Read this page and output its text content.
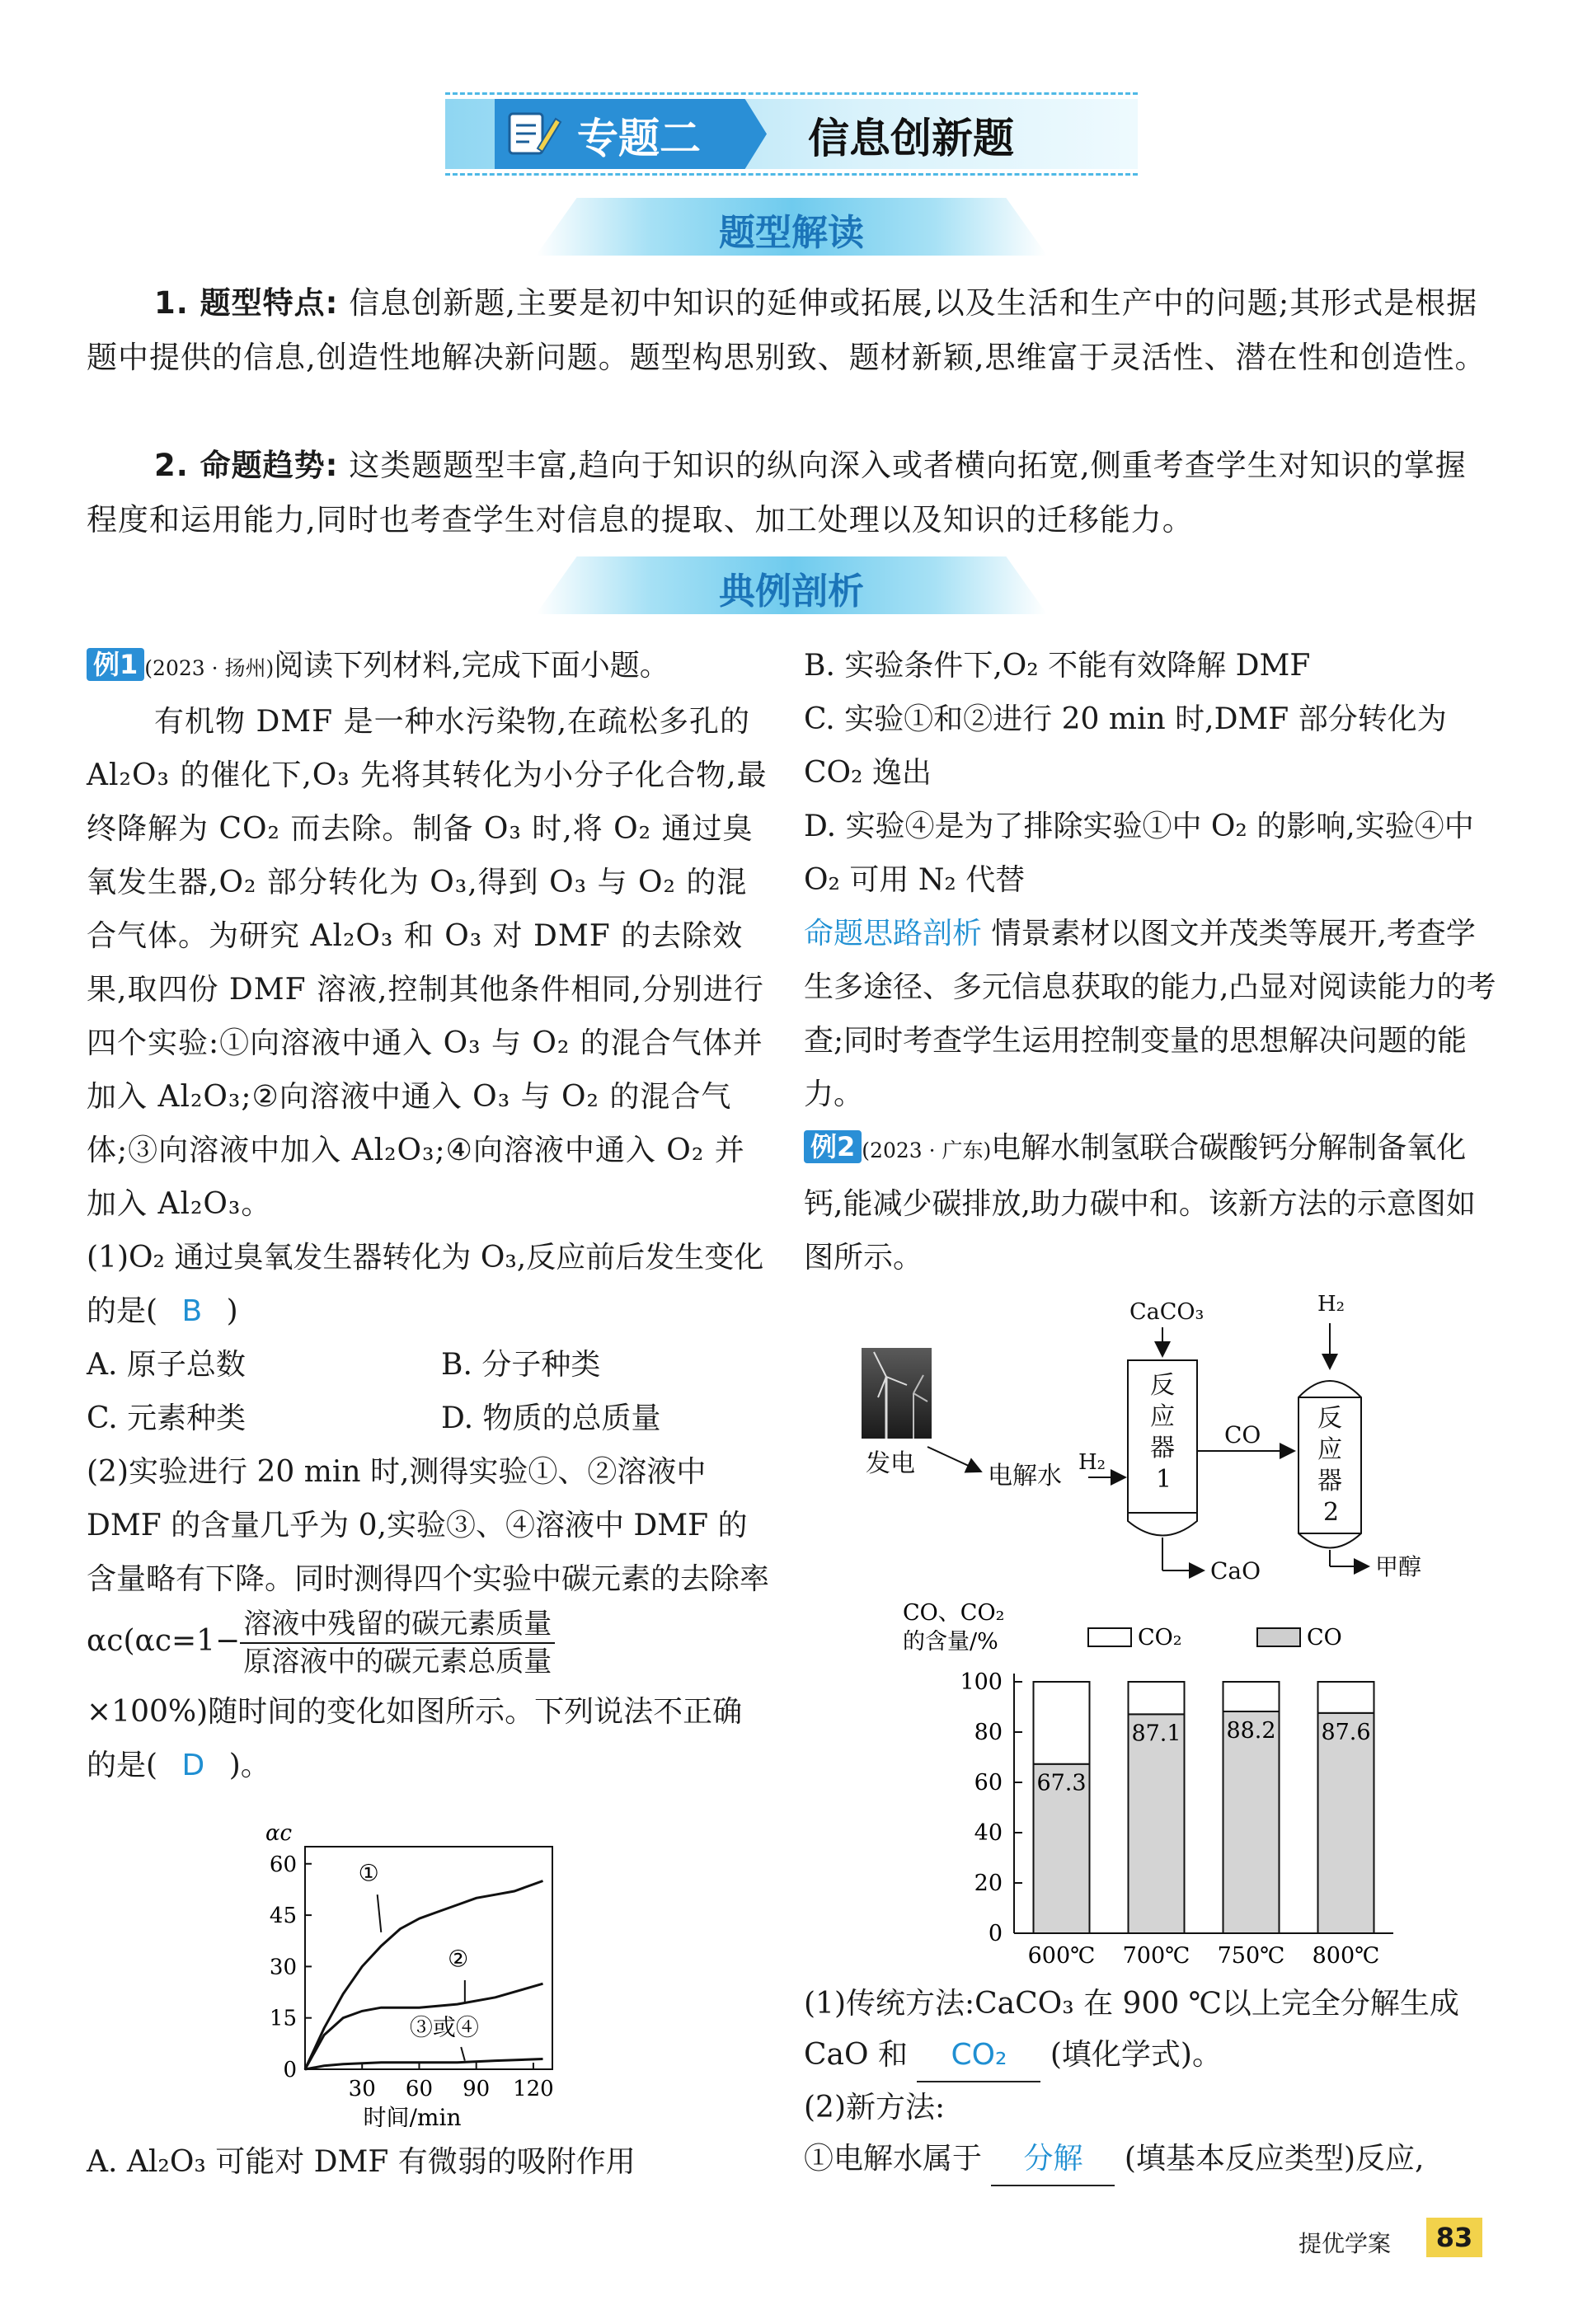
专题二	信息创新题
题型解读
1. 题型特点: 信息创新题,主要是初中知识的延伸或拓展,以及生活和生产中的问题;其形式是根据题中提供的信息,创造性地解决新问题。题型构思别致、题材新颖,思维富于灵活性、潜在性和创造性。
2. 命题趋势: 这类题题型丰富,趋向于知识的纵向深入或者横向拓宽,侧重考查学生对知识的掌握程度和运用能力,同时也考查学生对信息的提取、加工处理以及知识的迁移能力。
典例剖析
例1 (2023 · 扬州)阅读下列材料,完成下面小题。
有机物 DMF 是一种水污染物,在疏松多孔的 Al₂O₃ 的催化下,O₃ 先将其转化为小分子化合物,最终降解为 CO₂ 而去除。制备 O₃ 时,将 O₂ 通过臭氧发生器,O₂ 部分转化为 O₃,得到 O₃ 与 O₂ 的混合气体。为研究 Al₂O₃ 和 O₃ 对 DMF 的去除效果,取四份 DMF 溶液,控制其他条件相同,分别进行四个实验:①向溶液中通入 O₃ 与 O₂ 的混合气体并加入 Al₂O₃;②向溶液中通入 O₃ 与 O₂ 的混合气体;③向溶液中加入 Al₂O₃;④向溶液中通入 O₂ 并加入 Al₂O₃。
(1)O₂ 通过臭氧发生器转化为 O₃,反应前后发生变化的是( B )
A. 原子总数	B. 分子种类 C. 元素种类	D. 物质的总质量
(2)实验进行 20 min 时,测得实验①、②溶液中 DMF 的含量几乎为 0,实验③、④溶液中 DMF 的含量略有下降。同时测得四个实验中碳元素的去除率 $\alpha c(\alpha c=1- \frac{\text{溶液中残留的碳元素质量}}{\text{原溶液中的碳元素总质量}}$
×100%)随时间的变化如图所示。下列说法不正确的是( D )。
αc
0
15
30
45
60
30 60 90 120
时间/min
①
②
③或④
A. Al₂O₃ 可能对 DMF 有微弱的吸附作用
B. 实验条件下,O₂ 不能有效降解 DMF
C. 实验①和②进行 20 min 时,DMF 部分转化为 CO₂ 逸出
D. 实验④是为了排除实验①中 O₂ 的影响,实验④中 O₂ 可用 N₂ 代替
命题思路剖析 情景素材以图文并茂类等展开,考查学生多途径、多元信息获取的能力,凸显对阅读能力的考查;同时考查学生运用控制变量的思想解决问题的能力。
例2 (2023 · 广东)电解水制氢联合碳酸钙分解制备氧化钙,能减少碳排放,助力碳中和。该新方法的示意图如图所示。
发电	电解水 H₂
CaCO₃
反
应
器
1
CO
CaO
H₂
反
应
器
2
甲醇
CO、CO₂
的含量/%	CO₂	CO
0
20
40
60
80
100
67.3
600℃
87.1
700℃
88.2
750℃
87.6
800℃
(1)传统方法:CaCO₃ 在 900 ℃以上完全分解生成 CaO 和 CO₂ (填化学式)。
(2)新方法:
①电解水属于 分解 (填基本反应类型)反应,
提优学案	83
